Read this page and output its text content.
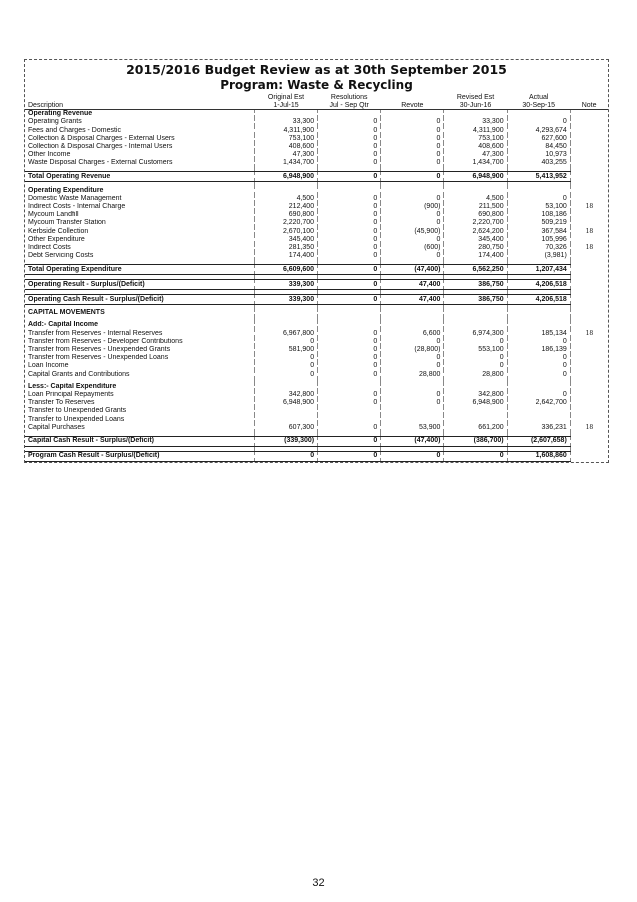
2015/2016 Budget Review as at 30th September 2015
Program: Waste & Recycling
	Original Est	Resolutions		Revised Est	Actual	
Description	1-Jul-15	Jul - Sep Qtr	Revote	30-Jun-16	30-Sep-15	Note
Operating Revenue						
Operating Grants	33,300	0	0	33,300	0	
Fees and Charges - Domestic	4,311,900	0	0	4,311,900	4,293,674	
Collection & Disposal Charges - External Users	753,100	0	0	753,100	627,600	
Collection & Disposal Charges - Internal Users	408,600	0	0	408,600	84,450	
Other Income	47,300	0	0	47,300	10,973	
Waste Disposal Charges - External Customers	1,434,700	0	0	1,434,700	403,255	

Total Operating Revenue	6,948,900	0	0	6,948,900	5,413,952	

Operating Expenditure						
Domestic Waste Management	4,500	0	0	4,500	0	
Indirect Costs - Internal Charge	212,400	0	(900)	211,500	53,100	18
Mycoum Landfill	690,800	0	0	690,800	108,186	
Mycoum Transfer Station	2,220,700	0	0	2,220,700	509,219	
Kerbside Collection	2,670,100	0	(45,900)	2,624,200	367,584	18
Other Expenditure	345,400	0	0	345,400	105,996	
Indirect Costs	281,350	0	(600)	280,750	70,326	18
Debt Servicing Costs	174,400	0	0	174,400	(3,981)	

Total Operating Expenditure	6,609,600	0	(47,400)	6,562,250	1,207,434	

Operating Result - Surplus/(Deficit)	339,300	0	47,400	386,750	4,206,518	

Operating Cash Result - Surplus/(Deficit)	339,300	0	47,400	386,750	4,206,518	

CAPITAL MOVEMENTS						

Add:- Capital Income						
Transfer from Reserves - Internal Reserves	6,967,800	0	6,600	6,974,300	185,134	18
Transfer from Reserves - Developer Contributions	0	0	0	0	0	
Transfer from Reserves - Unexpended Grants	581,900	0	(28,800)	553,100	186,139	
Transfer from Reserves - Unexpended Loans	0	0	0	0	0	
Loan Income	0	0	0	0	0	
Capital Grants and Contributions	0	0	28,800	28,800	0	

Less:- Capital Expenditure						
Loan Principal Repayments	342,800	0	0	342,800	0	
Transfer To Reserves	6,948,900	0	0	6,948,900	2,642,700	
Transfer to Unexpended Grants						
Transfer to Unexpended Loans						
Capital Purchases	607,300	0	53,900	661,200	336,231	18

Capital Cash Result - Surplus/(Deficit)	(339,300)	0	(47,400)	(386,700)	(2,607,658)	

Program Cash Result - Surplus/(Deficit)	0	0	0	0	1,608,860	
32
